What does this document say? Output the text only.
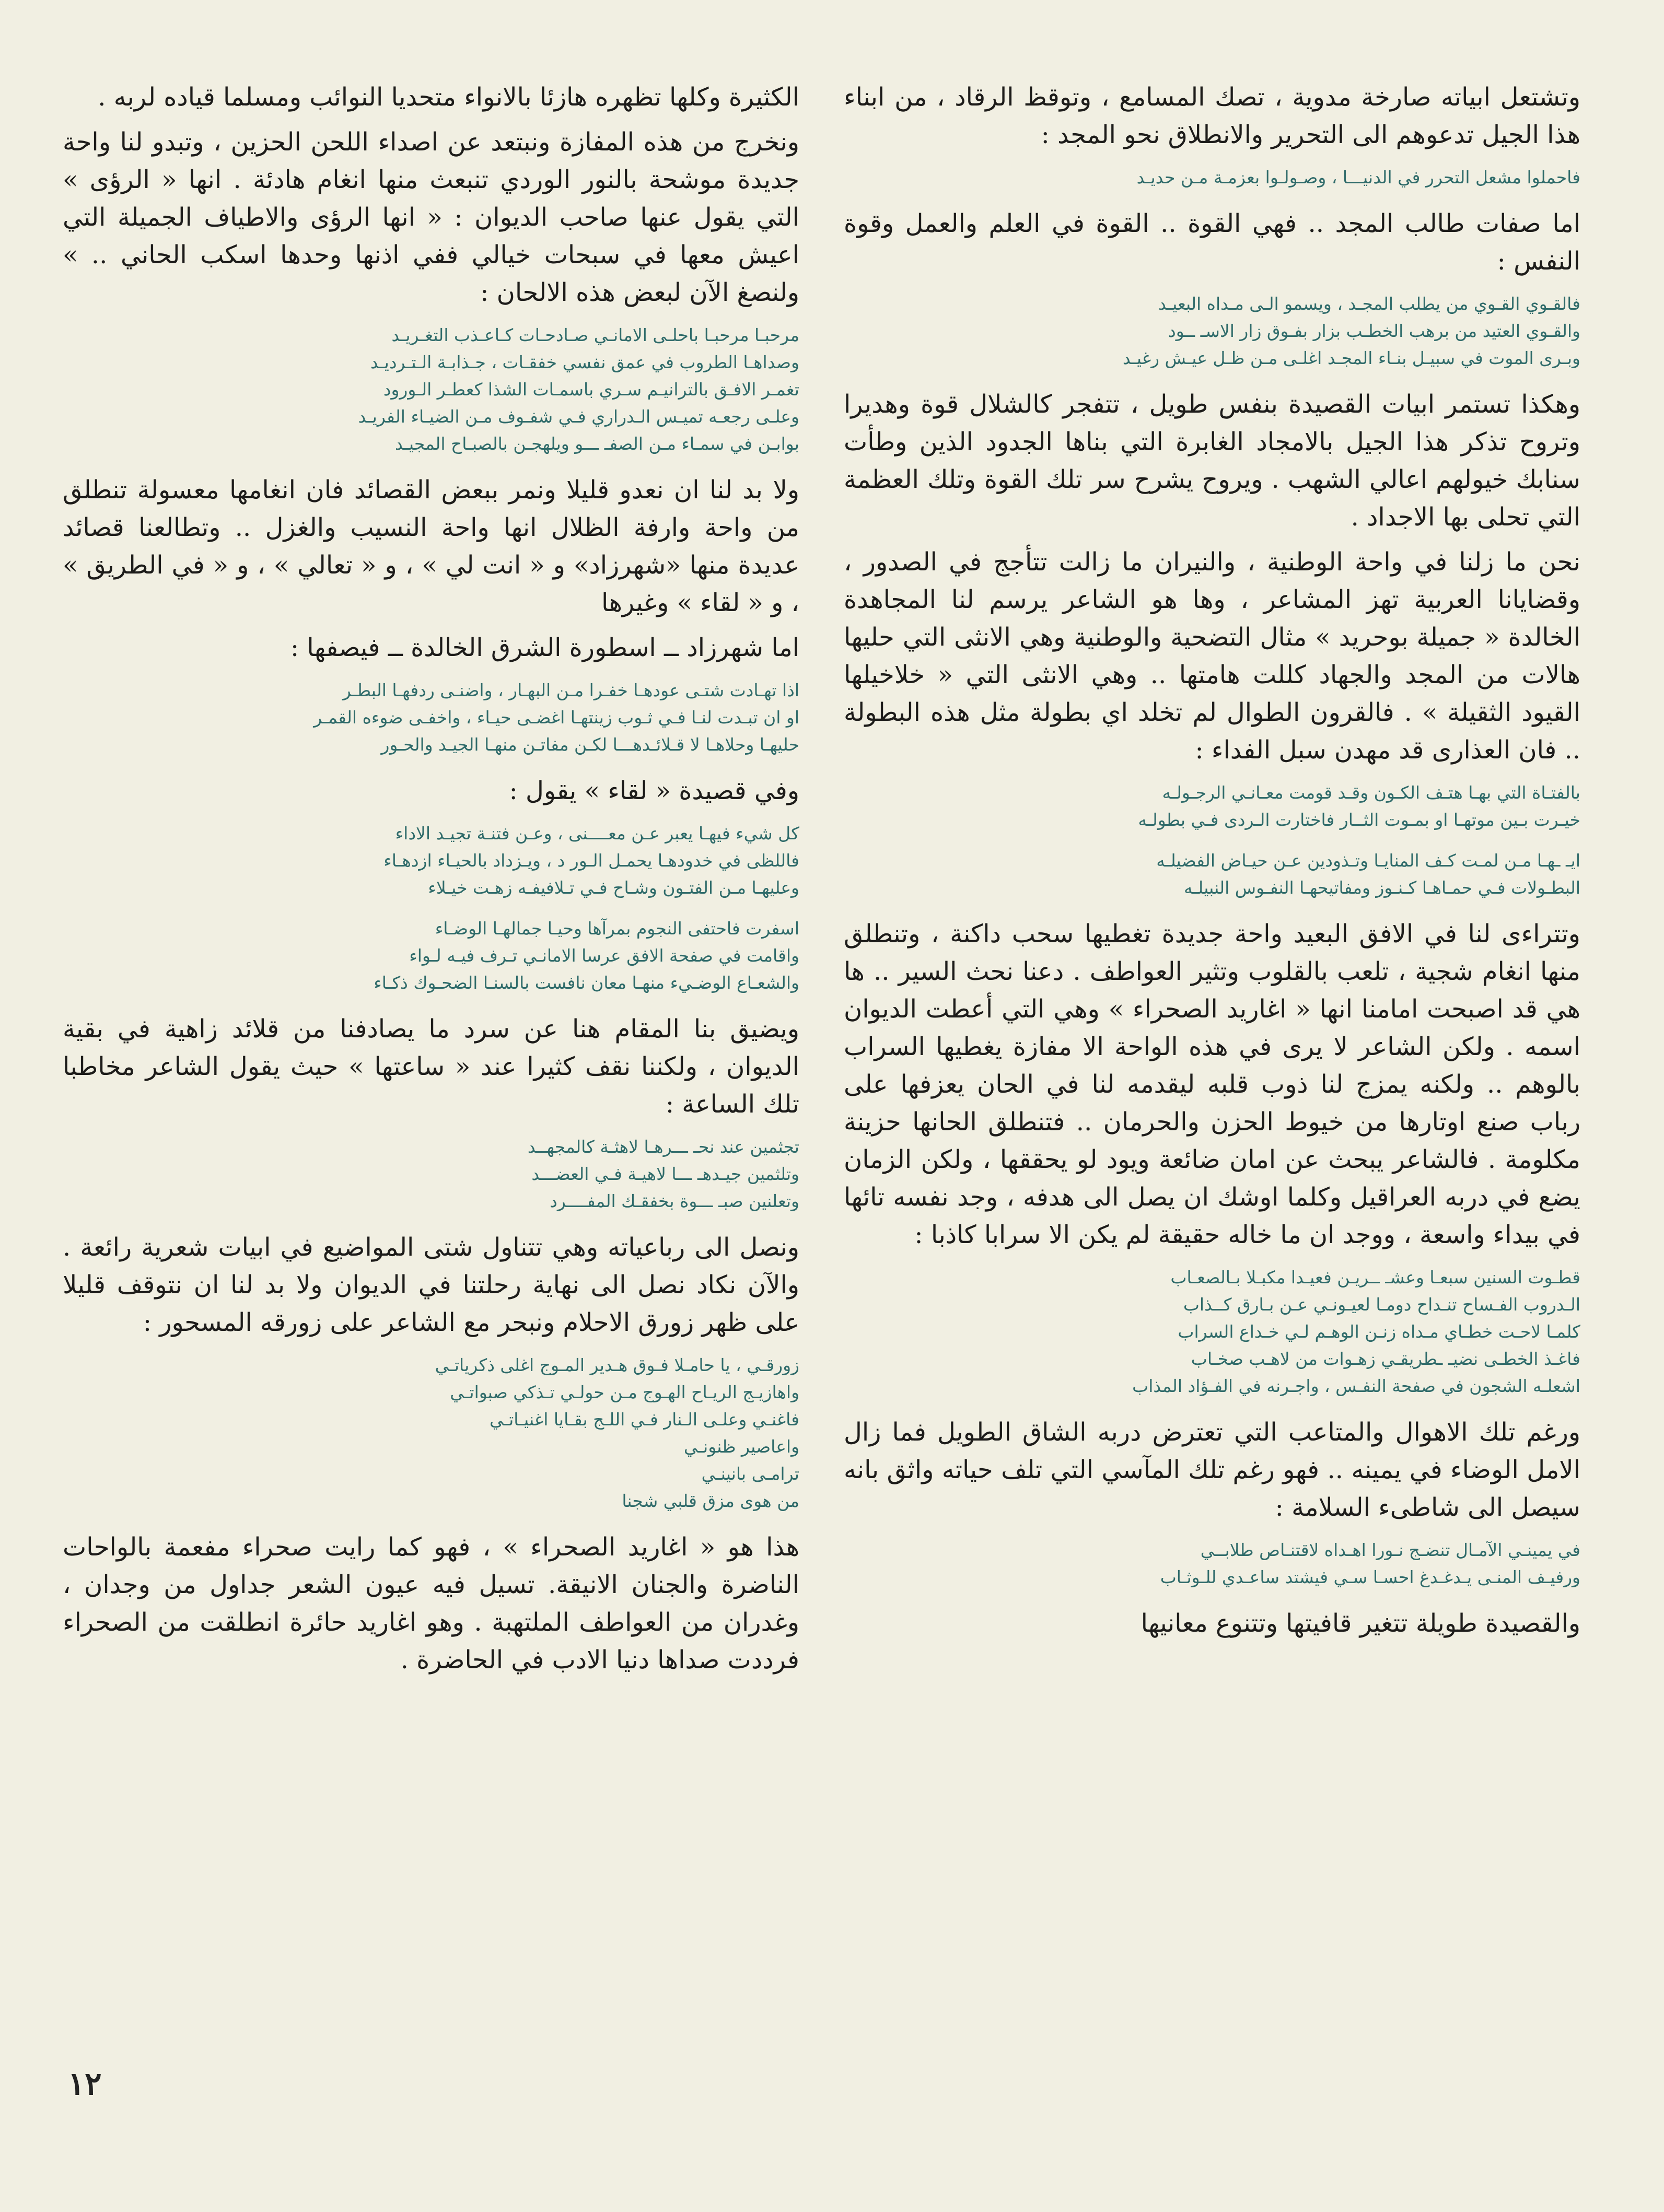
وتشتعل ابياته صارخة مدوية ، تصك المسامع ، وتوقظ الرقاد ، من ابناء هذا الجيل تدعوهم الى التحرير والانطلاق نحو المجد :

فاحملوا مشعل التحرر في الدنيـــا ، وصـولـوا بعزمـة مـن حديـد

اما صفات طالب المجد .. فهي القوة .. القوة في العلم والعمل وقوة النفس :

فالقـوي القـوي من يطلب المجـد ، ويسمو الـى مـداه البعيـد
والقـوي العتيد من برهب الخطـب بزار بفـوق زار الاسـ ــود
وبـرى الموت في سبيـل بنـاء المجـد اغلـى مـن ظـل عيـش رغيـد

وهكذا تستمر ابيات القصيدة بنفس طويل ، تتفجر كالشلال قوة وهديرا وتروح تذكر هذا الجيل بالامجاد الغابرة التي بناها الجدود الذين وطأت سنابك خيولهم اعالي الشهب . ويروح يشرح سر تلك القوة وتلك العظمة التي تحلى بها الاجداد .

نحن ما زلنا في واحة الوطنية ، والنيران ما زالت تتأجج في الصدور ، وقضايانا العربية تهز المشاعر ، وها هو الشاعر يرسم لنا المجاهدة الخالدة « جميلة بوحريد » مثال التضحية والوطنية وهي الانثى التي حليها هالات من المجد والجهاد كللت هامتها .. وهي الانثى التي « خلاخيلها القيود الثقيلة » . فالقرون الطوال لم تخلد اي بطولة مثل هذه البطولة .. فان العذارى قد مهدن سبل الفداء :

بالفتـاة التي بهـا هتـف الكـون وقـد قومت معـانـي الرجـولـه
خيـرت بـين موتهـا او بمـوت الثــار فاختارت الـردى فـي بطولـه
ايـ ـهـا مـن لمـت كـف المنايـا وتـذودين عـن حيـاض الفضيلـه
البطـولات فـي حمـاهـا كـنـوز ومفاتيحهـا النفـوس النبيلـه

وتتراءى لنا في الافق البعيد واحة جديدة تغطيها سحب داكنة ، وتنطلق منها انغام شجية ، تلعب بالقلوب وتثير العواطف . دعنا نحث السير .. ها هي قد اصبحت امامنا انها « اغاريد الصحراء » وهي التي أعطت الديوان اسمه . ولكن الشاعر لا يرى في هذه الواحة الا مفازة يغطيها السراب بالوهم .. ولكنه يمزج لنا ذوب قلبه ليقدمه لنا في الحان يعزفها على رباب صنع اوتارها من خيوط الحزن والحرمان .. فتنطلق الحانها حزينة مكلومة . فالشاعر يبحث عن امان ضائعة ويود لو يحققها ، ولكن الزمان يضع في دربه العراقيل وكلما اوشك ان يصل الى هدفه ، وجد نفسه تائها في بيداء واسعة ، ووجد ان ما خاله حقيقة لم يكن الا سرابا كاذبا :

قطـوت السنين سبعـا وعشـ ــريـن فعيـدا مكبـلا بـالصعـاب
الـدروب الفـساح تنـداح دومـا لعيـونـي عـن بـارق كــذاب
كلمـا لاحـت خطـاي مـداه زنـن الوهـم لـي خـداع السراب
فاغـذ الخطـى نضيـ ـطريقـي زهـوات من لاهـب صخـاب
اشعلـه الشجون في صفحة النفـس ، واجـرنه في الفـؤاد المذاب

ورغم تلك الاهوال والمتاعب التي تعترض دربه الشاق الطويل فما زال الامل الوضاء في يمينه .. فهو رغم تلك المآسي التي تلف حياته واثق بانه سيصل الى شاطىء السلامة :

في يمينـي الآمـال تنضـج نـورا اهـداه لاقتنـاص طلابــي
ورفيـف المنـى يـدغـدغ احسـا سـي فيشتد ساعـدي للـوثـاب

والقصيدة طويلة تتغير قافيتها وتتنوع معانيها

الكثيرة وكلها تظهره هازئا بالانواء متحديا النوائب ومسلما قياده لربه .

ونخرج من هذه المفازة ونبتعد عن اصداء اللحن الحزين ، وتبدو لنا واحة جديدة موشحة بالنور الوردي تنبعث منها انغام هادئة . انها « الرؤى » التي يقول عنها صاحب الديوان : « انها الرؤى والاطياف الجميلة التي اعيش معها في سبحات خيالي ففي اذنها وحدها اسكب الحاني .. » ولنصغ الآن لبعض هذه الالحان :

مرحبـا مرحبـا باحلـى الامانـي صـادحـات كـاعـذب التغـريـد
وصداهـا الطروب في عمق نفسي خفقـات ، جـذابـة الـتـرديـد
تغمـر الافـق بالترانيـم سـري باسمـات الشذا كعطـر الـورود
وعلـى رجعـه تميـس الـدراري فـي شفـوف مـن الضيـاء الفريـد
بوابـن في سمـاء مـن الصفـ ـــو ويلهجـن بالصبـاح المجيـد

ولا بد لنا ان نعدو قليلا ونمر ببعض القصائد فان انغامها معسولة تنطلق من واحة وارفة الظلال انها واحة النسيب والغزل .. وتطالعنا قصائد عديدة منها «شهرزاد» و « انت لي » ، و « تعالي » ، و « في الطريق » ، و « لقاء » وغيرها

اما شهرزاد ــ اسطورة الشرق الخالدة ــ فيصفها :

اذا تهـادت شتـى عودهـا خفـرا مـن البهـار ، واضنـى ردفهـا البطـر
او ان تبـدت لنـا فـي ثـوب زينتهـا اغضـى حيـاء ، واخفـى ضوءه القمـر
حليهـا وحلاهـا لا قـلائـدهـــا لكـن مفاتـن منهـا الجيـد والحـور

وفي قصيدة « لقاء » يقول :

كل شيء فيهـا يعبر عـن معــــنى ، وعـن فتنـة تجيـد الاداء
فاللظى في خدودهـا يحمـل الـور د ، ويـزداد بالحيـاء ازدهـاء
وعليهـا مـن الفتـون وشـاح فـي تـلافيفـه زهـت خيـلاء
اسفرت فاحتفى النجوم بمرآها وحيـا جمالهـا الوضـاء
واقامت في صفحة الافق عرسا الامانـي تـرف فيـه لـواء
والشعـاع الوضـيء منهـا معان نافست بالسنـا الضحـوك ذكـاء

ويضيق بنا المقام هنا عن سرد ما يصادفنا من قلائد زاهية في بقية الديوان ، ولكننا نقف كثيرا عند « ساعتها » حيث يقول الشاعر مخاطبا تلك الساعة :

تجثمين عند نحـ ـــرهـا لاهثـة كالمجهــد
وتلثمين جيـدهـ ـــا لاهيـة فـي العضـــد
وتعلنين صبـ ـــوة بخفقـك المفــــرد

ونصل الى رباعياته وهي تتناول شتى المواضيع في ابيات شعرية رائعة . والآن نكاد نصل الى نهاية رحلتنا في الديوان ولا بد لنا ان نتوقف قليلا على ظهر زورق الاحلام ونبحر مع الشاعر على زورقه المسحور :

زورقـي ، يا حامـلا فـوق هـدير المـوج اغلى ذكرياتـي
واهازيـج الريـاح الهـوج مـن حولـي تـذكي صبواتـي
فاغنـي وعلـى الـنار فـي اللـج بقـايا اغنيـاتـي
واعاصير ظنونـي
ترامـى بانينـي
من هوى مزق قلبي شجنا

هذا هو « اغاريد الصحراء » ، فهو كما رايت صحراء مفعمة بالواحات الناضرة والجنان الانيقة. تسيل فيه عيون الشعر جداول من وجدان ، وغدران من العواطف الملتهبة . وهو اغاريد حائرة انطلقت من الصحراء فرددت صداها دنيا الادب في الحاضرة .

١٢
